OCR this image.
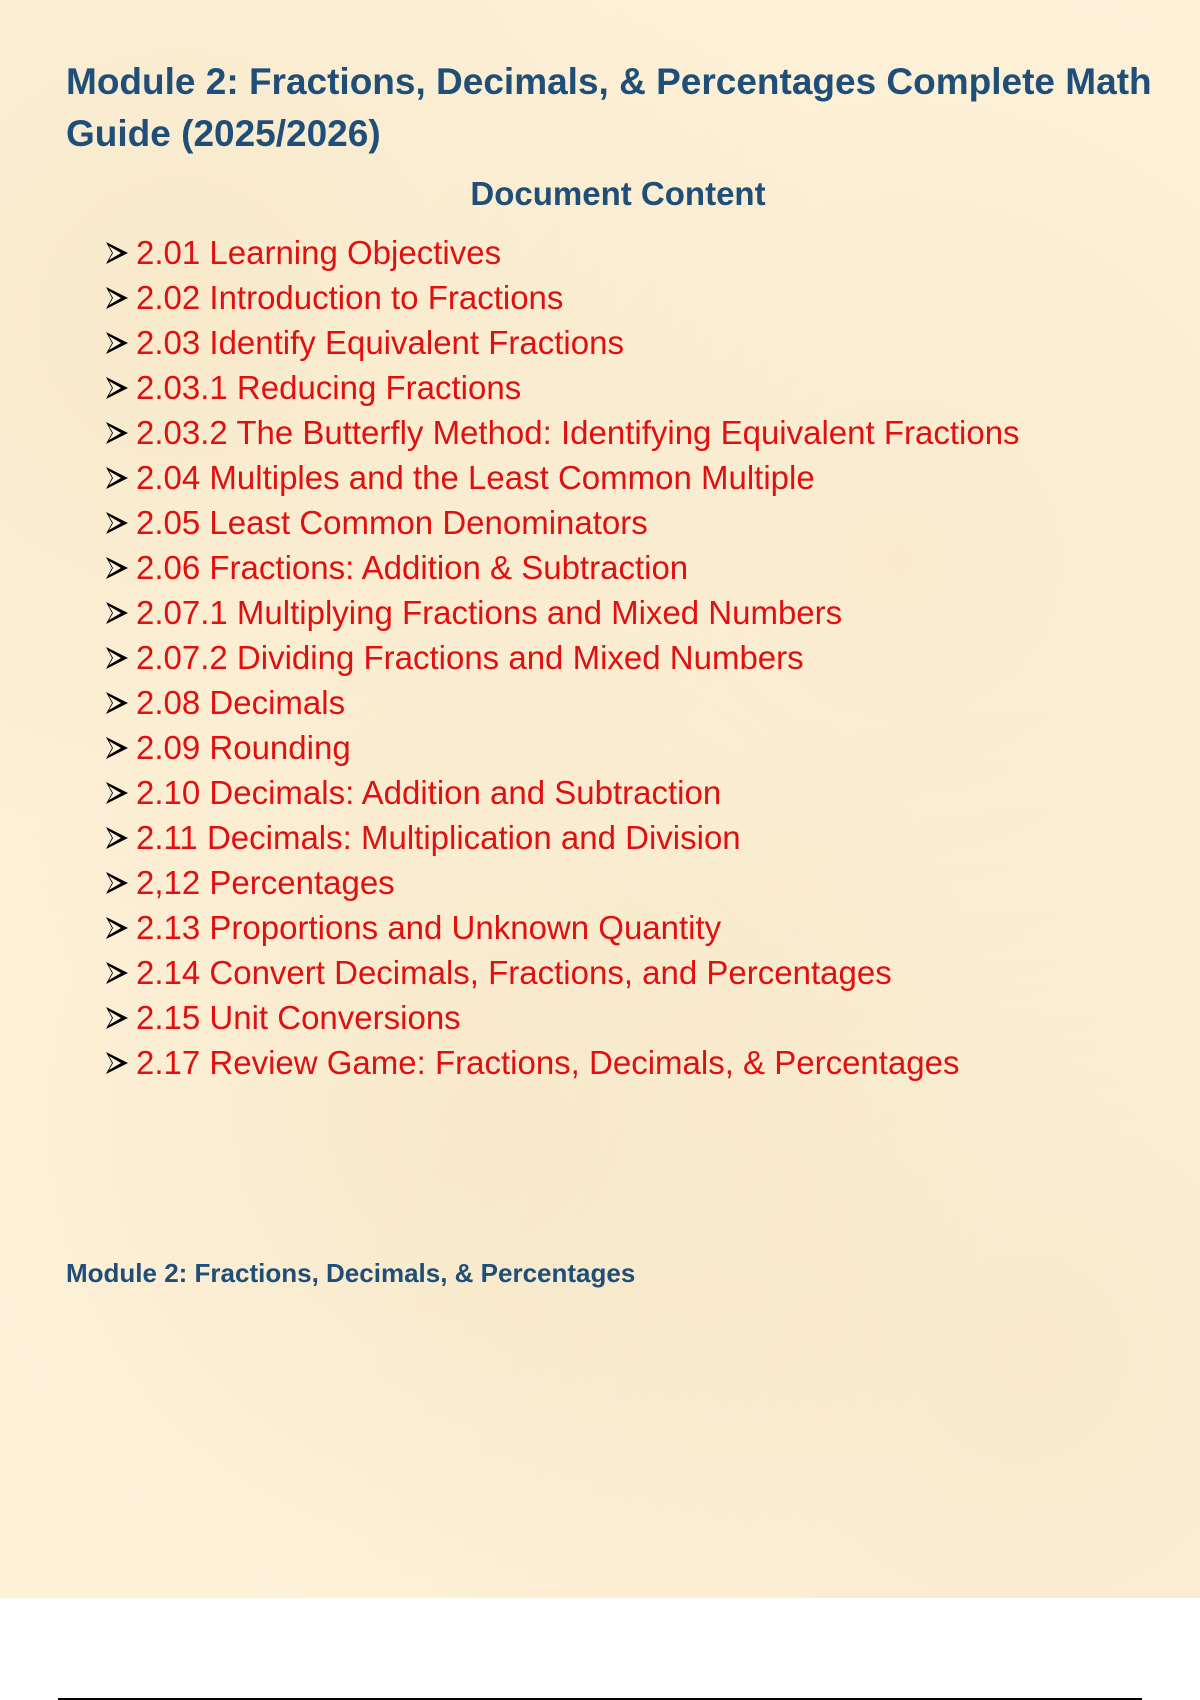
Module 2: Fractions, Decimals, & Percentages Complete Math Guide (2025/2026)
Document Content
2.01 Learning Objectives
2.02 Introduction to Fractions
2.03 Identify Equivalent Fractions
2.03.1 Reducing Fractions
2.03.2 The Butterfly Method: Identifying Equivalent Fractions
2.04 Multiples and the Least Common Multiple
2.05 Least Common Denominators
2.06 Fractions: Addition & Subtraction
2.07.1 Multiplying Fractions and Mixed Numbers
2.07.2 Dividing Fractions and Mixed Numbers
2.08 Decimals
2.09 Rounding
2.10 Decimals: Addition and Subtraction
2.11 Decimals: Multiplication and Division
2,12 Percentages
2.13 Proportions and Unknown Quantity
2.14 Convert Decimals, Fractions, and Percentages
2.15 Unit Conversions
2.17 Review Game: Fractions, Decimals, & Percentages

Module 2: Fractions, Decimals, & Percentages
